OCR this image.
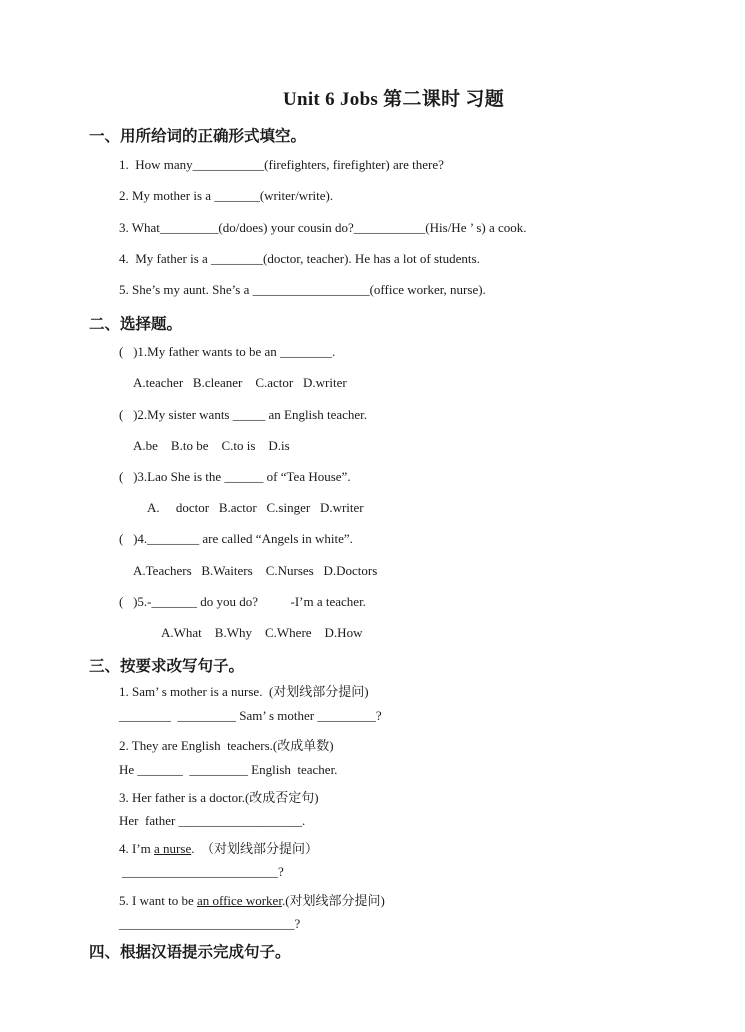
Unit 6 Jobs 第二课时 习题
一、用所给词的正确形式填空。
1.  How many___________(firefighters, firefighter) are there?
2. My mother is a _______(writer/write).
3. What_________(do/does) your cousin do?___________(His/He ’ s) a cook.
4.  My father is a ________(doctor, teacher). He has a lot of students.
5. She’s my aunt. She’s a __________________(office worker, nurse).
二、选择题。
(   )1.My father wants to be an ________.
A.teacher   B.cleaner    C.actor   D.writer
(   )2.My sister wants _____ an English teacher.
A.be    B.to be    C.to is    D.is
(   )3.Lao She is the ______ of “Tea House”.
A.     doctor   B.actor   C.singer   D.writer
(   )4.________ are called “Angels in white”.
A.Teachers   B.Waiters    C.Nurses   D.Doctors
(   )5.-_______ do you do?          -I’m a teacher.
A.What    B.Why    C.Where    D.How
三、按要求改写句子。
1. Sam’ s mother is a nurse.  (对划线部分提问)
________  _________ Sam’ s mother _________?
2. They are English  teachers.(改成单数)
He _______  _________ English  teacher.
3. Her father is a doctor.(改成否定句)
Her  father ___________________.
4. I’m a nurse.  （对划线部分提问）
________________________?
5. I want to be an office worker.(对划线部分提问)
___________________________?
四、根据汉语提示完成句子。
